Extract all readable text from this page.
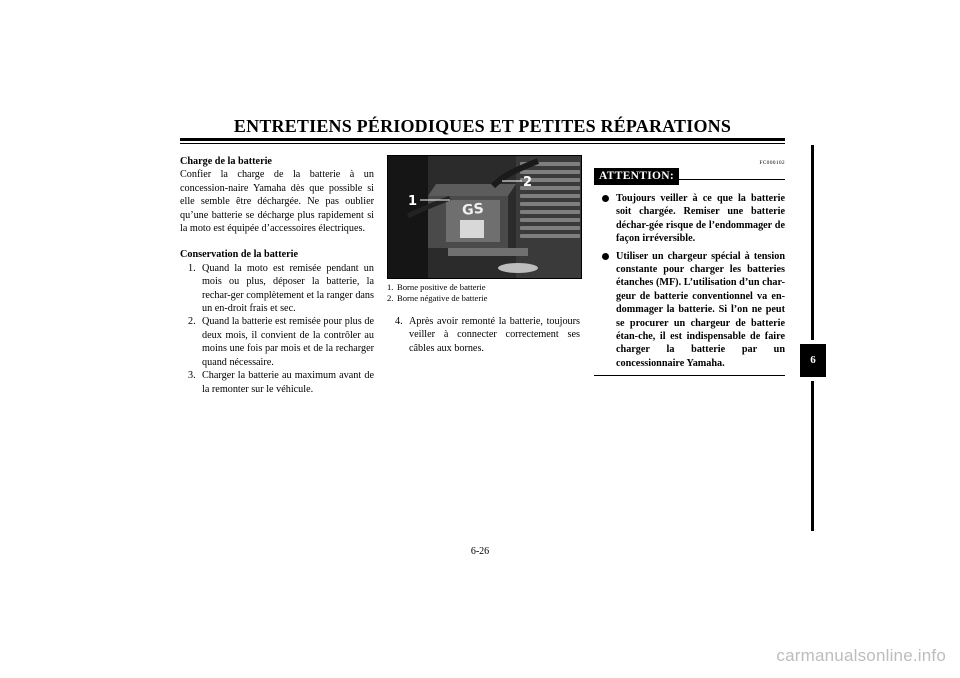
ENTRETIENS PÉRIODIQUES ET PETITES RÉPARATIONS
Charge de la batterie
Confier la charge de la batterie à un concession-naire Yamaha dès que possible si elle semble être déchargée. Ne pas oublier qu’une batterie se décharge plus rapidement si la moto est équipée d’accessoires électriques.
Conservation de la batterie
1. Quand la moto est remisée pendant un mois ou plus, déposer la batterie, la rechar-ger complètement et la ranger dans un en-droit frais et sec.
2. Quand la batterie est remisée pour plus de deux mois, il convient de la contrôler au moins une fois par mois et de la recharger quand nécessaire.
3. Charger la batterie au maximum avant de la remonter sur le véhicule.
GS
1
2
1. Borne positive de batterie
2. Borne négative de batterie
4. Après avoir remonté la batterie, toujours veiller à connecter correctement ses câbles aux bornes.
FC000102
ATTENTION:
Toujours veiller à ce que la batterie soit chargée. Remiser une batterie déchar-gée risque de l’endommager de façon irréversible.
Utiliser un chargeur spécial à tension constante pour charger les batteries étanches (MF). L’utilisation d’un char-geur de batterie conventionnel va en-dommager la batterie. Si l’on ne peut se procurer un chargeur de batterie étan-che, il est indispensable de faire charger la batterie par un concessionnaire Yamaha.	6
6-26
carmanualsonline.info
